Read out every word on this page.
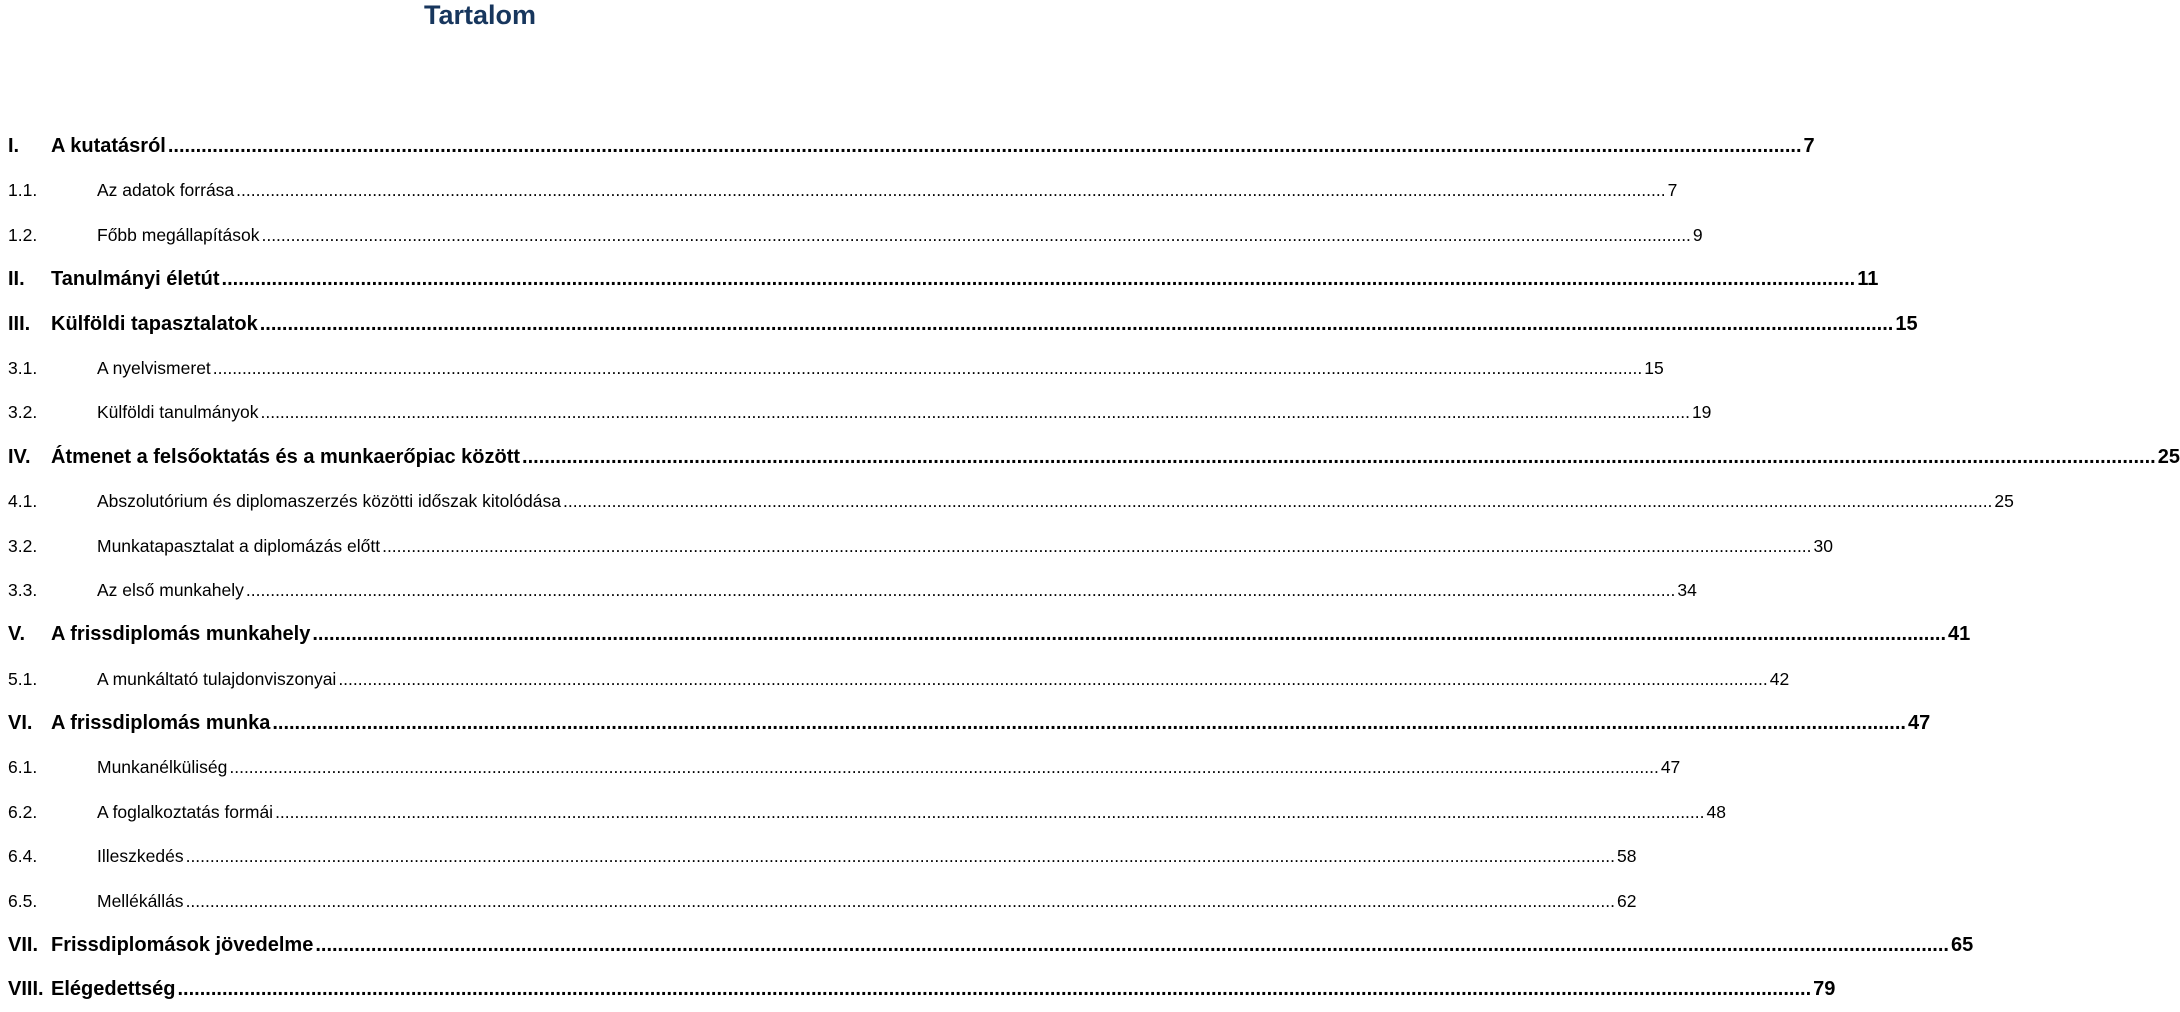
Tartalom
I.	A kutatásról .....	7
1.1.	Az adatok forrása .....	7
1.2.	Főbb megállapítások .....	9
II.	Tanulmányi életút .....	11
III.	Külföldi tapasztalatok .....	15
3.1.	A nyelvismeret .....	15
3.2.	Külföldi tanulmányok .....	19
IV.	Átmenet a felsőoktatás és a munkaerőpiac között .....	25
4.1.	Abszolutórium és diplomaszerzés közötti időszak kitolódása .....	25
3.2.	Munkatapasztalat a diplomázás előtt .....	30
3.3.	Az első munkahely .....	34
V.	A frissdiplomás munkahely .....	41
5.1.	A munkáltató tulajdonviszonyai .....	42
VI. A frissdiplomás munka .....	47
6.1.	Munkanélküliség .....	47
6.2.	A foglalkoztatás formái .....	48
6.4.	Illeszkedés .....	58
6.5.	Mellékállás .....	62
VII. Frissdiplomások jövedelme .....	65
VIII. Elégedettség .....	79
